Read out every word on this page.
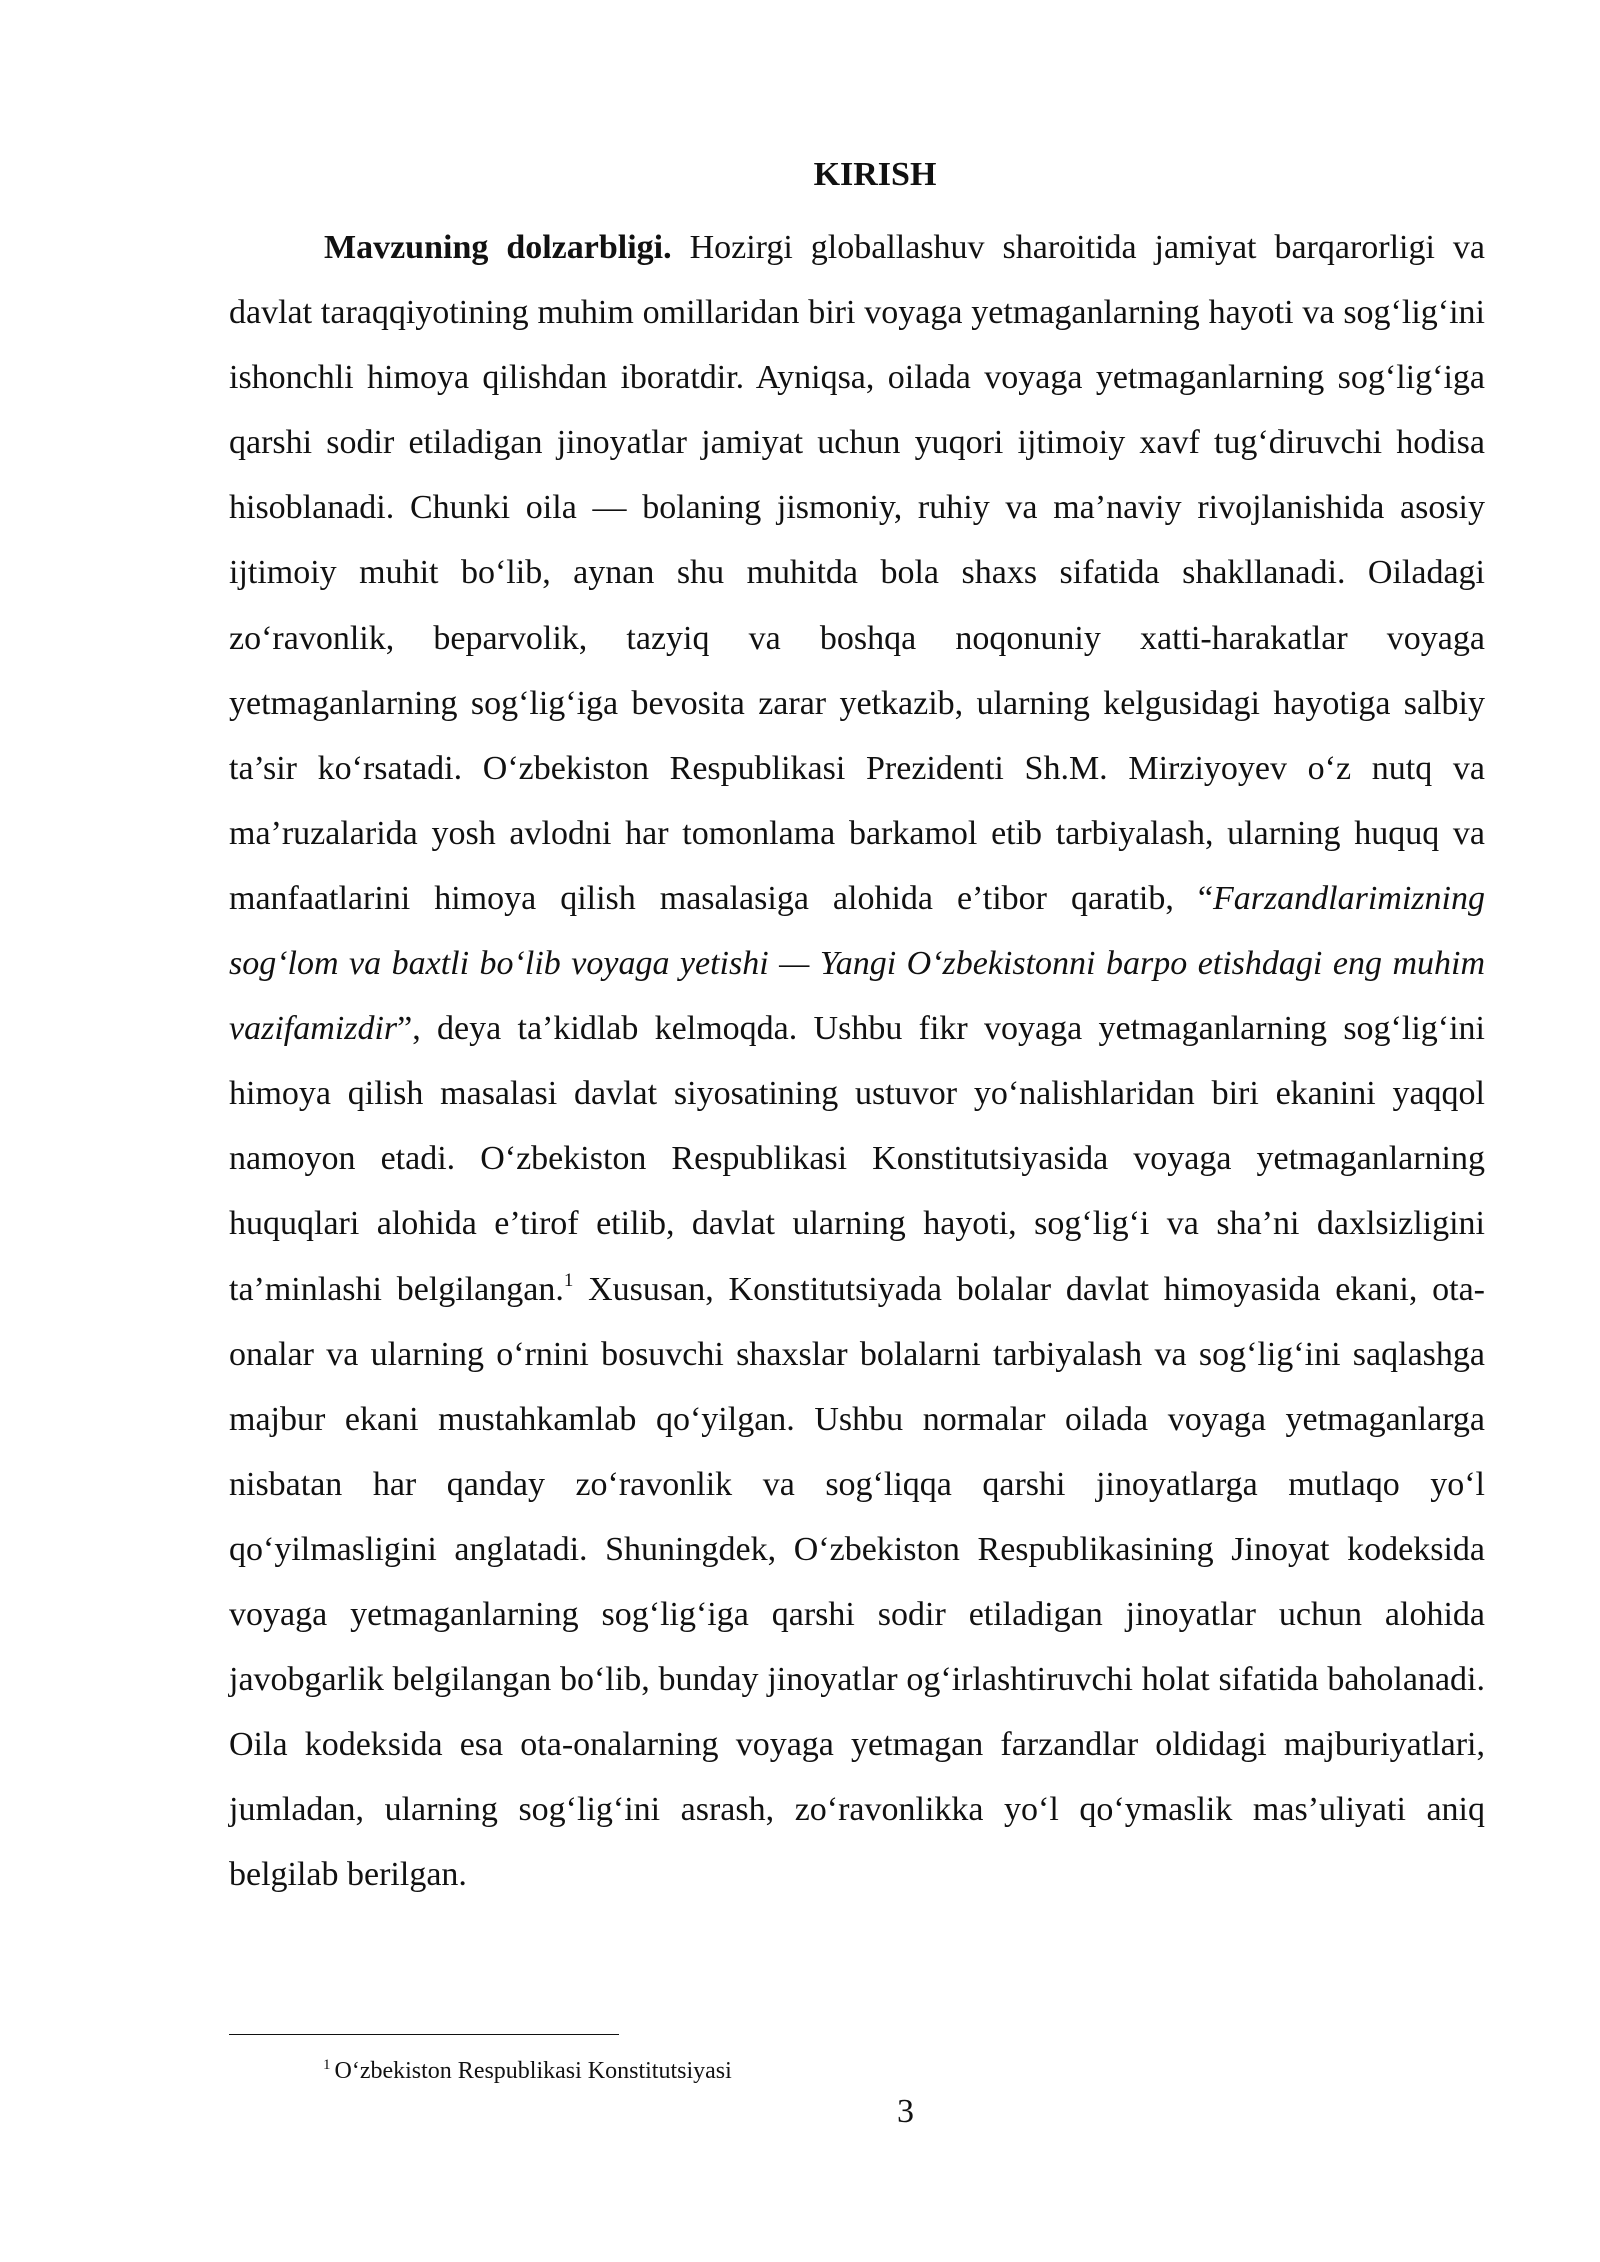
KIRISH

Mavzuning dolzarbligi. Hozirgi globallashuv sharoitida jamiyat barqarorligi va davlat taraqqiyotining muhim omillaridan biri voyaga yetmaganlarning hayoti va sog‘lig‘ini ishonchli himoya qilishdan iboratdir. Ayniqsa, oilada voyaga yetmaganlarning sog‘lig‘iga qarshi sodir etiladigan jinoyatlar jamiyat uchun yuqori ijtimoiy xavf tug‘diruvchi hodisa hisoblanadi. Chunki oila — bolaning jismoniy, ruhiy va ma’naviy rivojlanishida asosiy ijtimoiy muhit bo‘lib, aynan shu muhitda bola shaxs sifatida shakllanadi. Oiladagi zo‘ravonlik, beparvolik, tazyiq va boshqa noqonuniy xatti-harakatlar voyaga yetmaganlarning sog‘lig‘iga bevosita zarar yetkazib, ularning kelgusidagi hayotiga salbiy ta’sir ko‘rsatadi. O‘zbekiston Respublikasi Prezidenti Sh.M. Mirziyoyev o‘z nutq va ma’ruzalarida yosh avlodni har tomonlama barkamol etib tarbiyalash, ularning huquq va manfaatlarini himoya qilish masalasiga alohida e’tibor qaratib, “Farzandlarimizning sog‘lom va baxtli bo‘lib voyaga yetishi — Yangi O‘zbekistonni barpo etishdagi eng muhim vazifamizdir”, deya ta’kidlab kelmoqda. Ushbu fikr voyaga yetmaganlarning sog‘lig‘ini himoya qilish masalasi davlat siyosatining ustuvor yo‘nalishlaridan biri ekanini yaqqol namoyon etadi. O‘zbekiston Respublikasi Konstitutsiyasida voyaga yetmaganlarning huquqlari alohida e’tirof etilib, davlat ularning hayoti, sog‘lig‘i va sha’ni daxlsizligini ta’minlashi belgilangan.$^1$ Xususan, Konstitutsiyada bolalar davlat himoyasida ekani, ota-onalar va ularning o‘rnini bosuvchi shaxslar bolalarni tarbiyalash va sog‘lig‘ini saqlashga majbur ekani mustahkamlab qo‘yilgan. Ushbu normalar oilada voyaga yetmaganlarga nisbatan har qanday zo‘ravonlik va sog‘liqqa qarshi jinoyatlarga mutlaqo yo‘l qo‘yilmasligini anglatadi. Shuningdek, O‘zbekiston Respublikasining Jinoyat kodeksida voyaga yetmaganlarning sog‘lig‘iga qarshi sodir etiladigan jinoyatlar uchun alohida javobgarlik belgilangan bo‘lib, bunday jinoyatlar og‘irlashtiruvchi holat sifatida baholanadi. Oila kodeksida esa ota-onalarning voyaga yetmagan farzandlar oldidagi majburiyatlari, jumladan, ularning sog‘lig‘ini asrash, zo‘ravonlikka yo‘l qo‘ymaslik mas’uliyati aniq belgilab berilgan.

$^1$ O‘zbekiston Respublikasi Konstitutsiyasi

3
